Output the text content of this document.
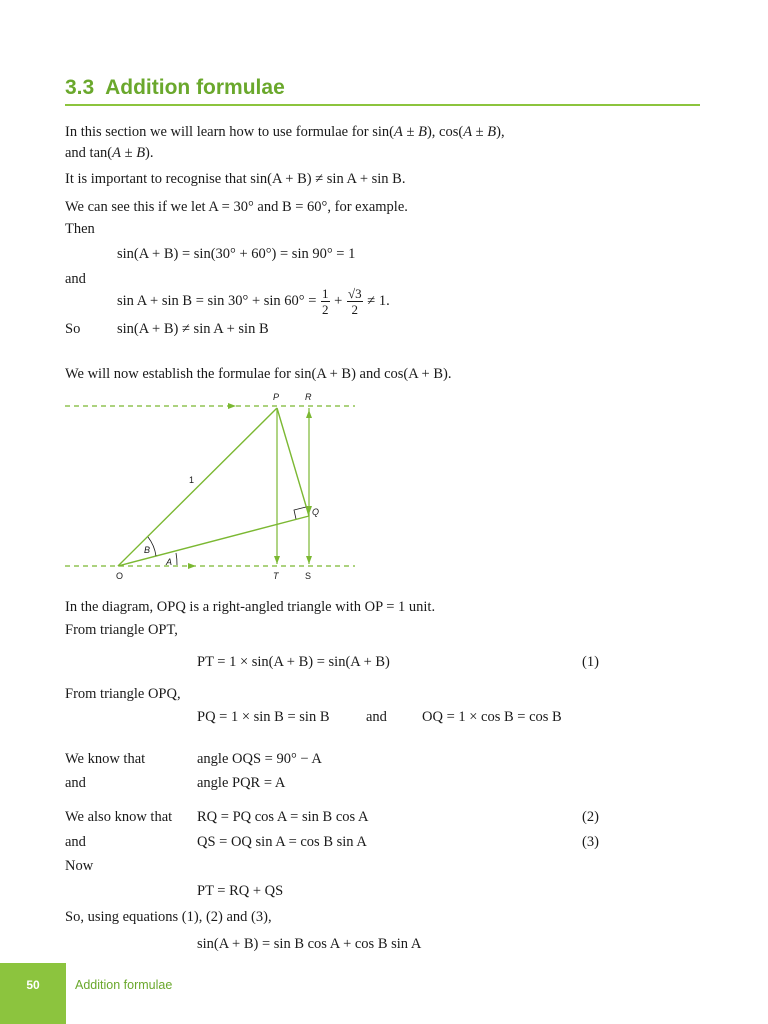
3.3 Addition formulae
In this section we will learn how to use formulae for sin(A ± B), cos(A ± B),
and tan(A ± B).
It is important to recognise that sin(A + B) ≠ sin A + sin B.
We can see this if we let A = 30° and B = 60°, for example.
Then
sin(A + B) = sin(30° + 60°) = sin 90° = 1
and
$\sin A + \sin B = \sin 30^\circ + \sin 60^\circ = \frac{1}{2} + \frac{√3}{2} \ne 1$.
So	sin(A + B) ≠ sin A + sin B
We will now establish the formulae for sin(A + B) and cos(A + B).
P	R
Q
O	T	S
1
B
A
In the diagram, OPQ is a right-angled triangle with OP = 1 unit.
From triangle OPT,
PT = 1 × sin(A + B) = sin(A + B)	(1)
From triangle OPQ,
PQ = 1 × sin B = sin B	and OQ = 1 × cos B = cos B
We know that	angle OQS = 90° − A
and	angle PQR = A
We also know that RQ = PQ cos A = sin B cos A	(2)
and	QS = OQ sin A = cos B sin A	(3)
Now
PT = RQ + QS
So, using equations (1), (2) and (3),
sin(A + B) = sin B cos A + cos B sin A
50	Addition formulae
